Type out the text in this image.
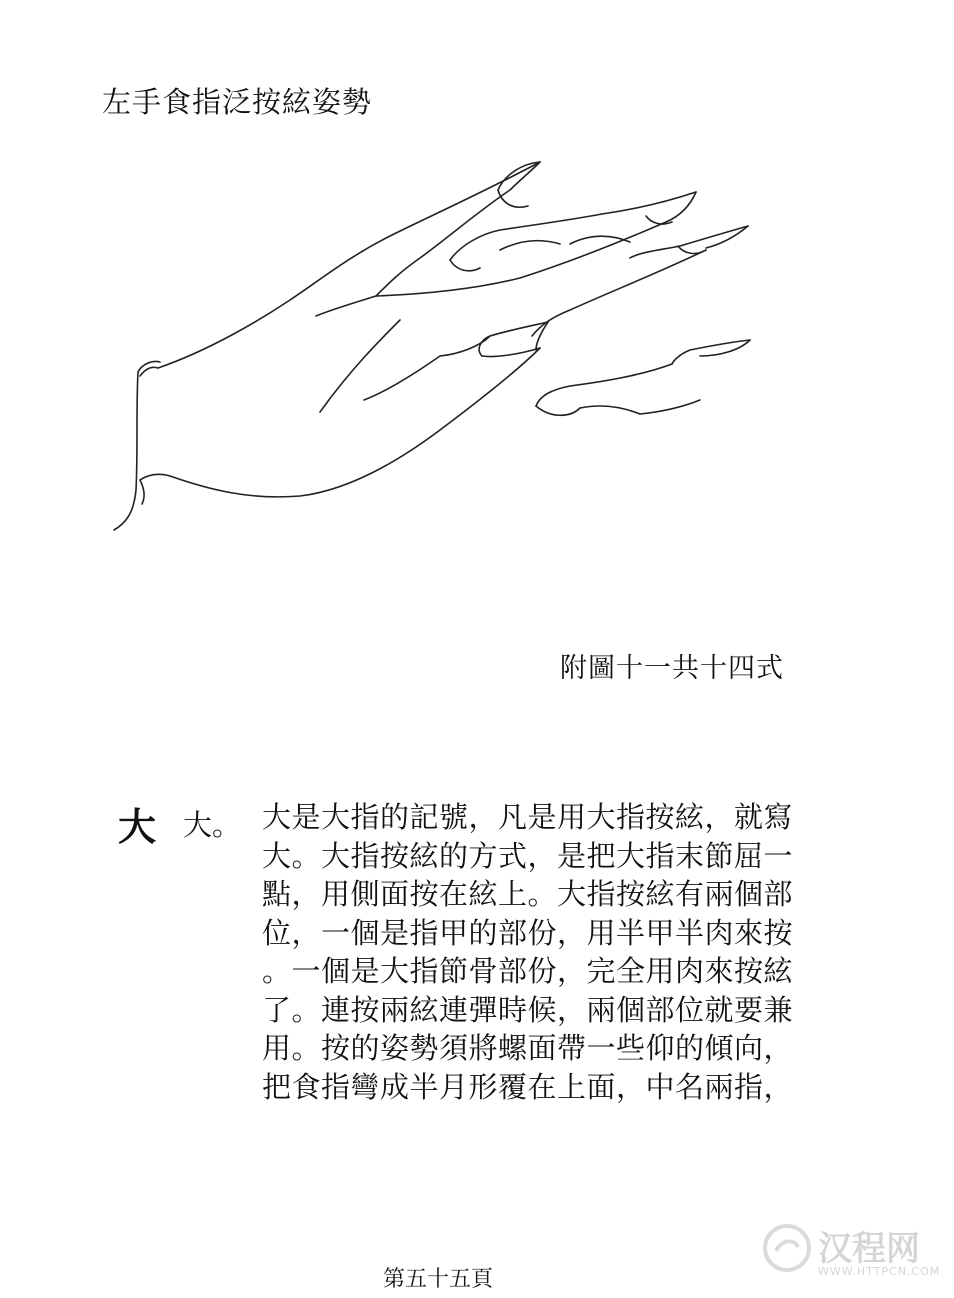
左手食指泛按絃姿勢
附圖十一共十四式
大 大。 大是大指的記號，凡是用大指按絃，就寫
大。大指按絃的方式，是把大指末節屈一
點，用側面按在絃上。大指按絃有兩個部
位，一個是指甲的部份，用半甲半肉來按
。一個是大指節骨部份，完全用肉來按絃
了。連按兩絃連彈時候，兩個部位就要兼
用。按的姿勢須將螺面帶一些仰的傾向，
把食指彎成半月形覆在上面，中名兩指，
第五十五頁
汉程网
WWW.HTTPCN.COM
